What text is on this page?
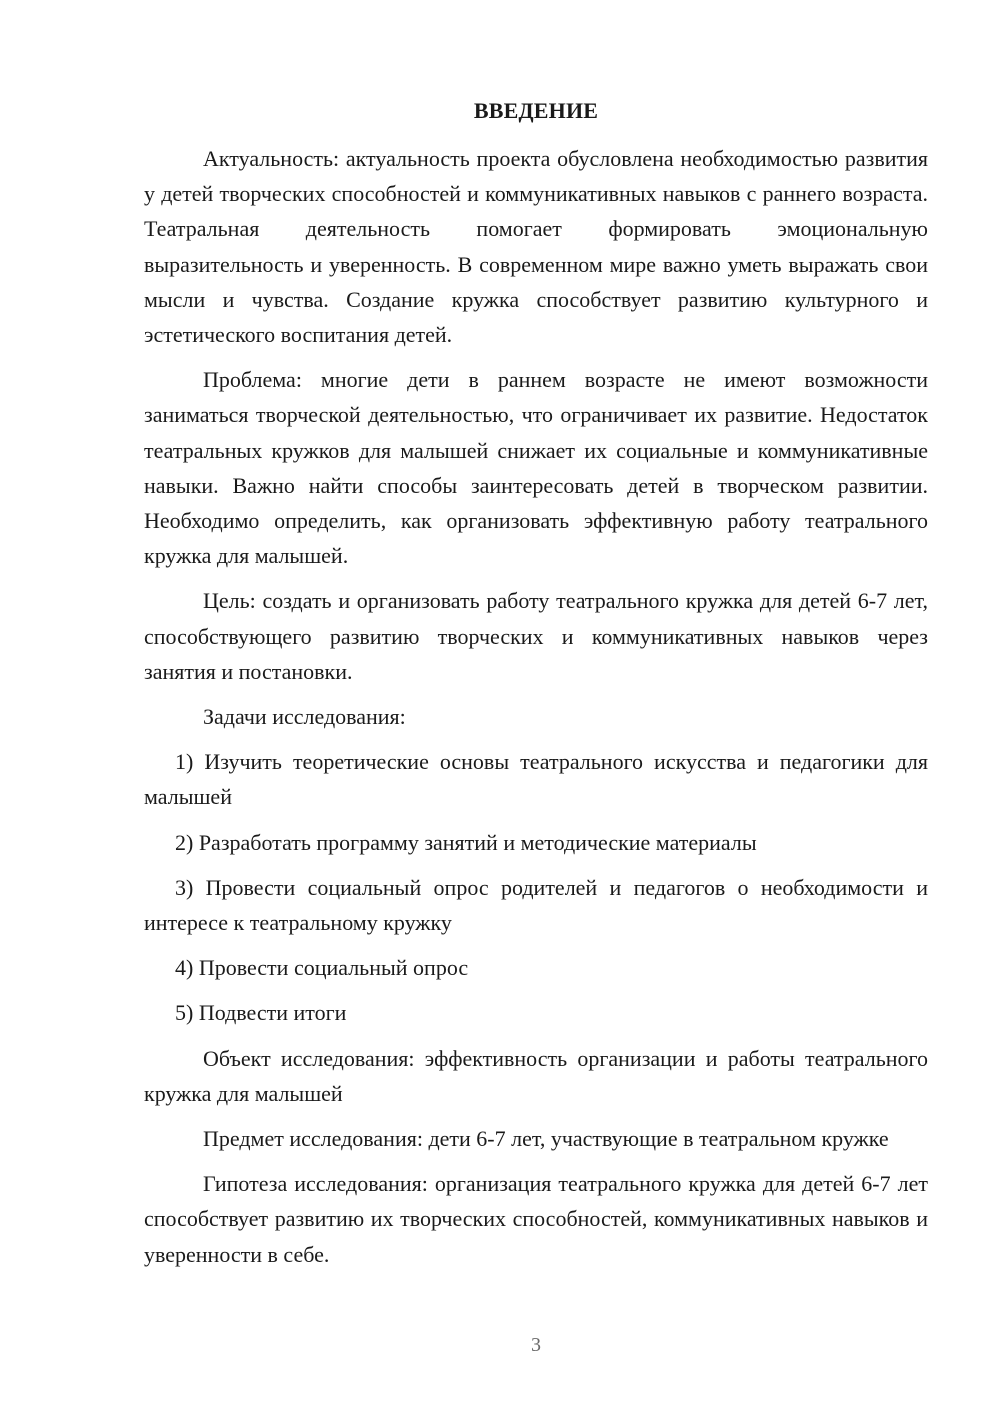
ВВЕДЕНИЕ

Актуальность: актуальность проекта обусловлена необходимостью развития у детей творческих способностей и коммуникативных навыков с раннего возраста. Театральная деятельность помогает формировать эмоциональную выразительность и уверенность. В современном мире важно уметь выражать свои мысли и чувства. Создание кружка способствует развитию культурного и эстетического воспитания детей.

Проблема: многие дети в раннем возрасте не имеют возможности заниматься творческой деятельностью, что ограничивает их развитие. Недостаток театральных кружков для малышей снижает их социальные и коммуникативные навыки. Важно найти способы заинтересовать детей в творческом развитии. Необходимо определить, как организовать эффективную работу театрального кружка для малышей.

Цель: создать и организовать работу театрального кружка для детей 6-7 лет, способствующего развитию творческих и коммуникативных навыков через занятия и постановки.

Задачи исследования:

1) Изучить теоретические основы театрального искусства и педагогики для малышей

2) Разработать программу занятий и методические материалы

3) Провести социальный опрос родителей и педагогов о необходимости и интересе к театральному кружку

4) Провести социальный опрос

5) Подвести итоги

Объект исследования: эффективность организации и работы театрального кружка для малышей

Предмет исследования: дети 6-7 лет, участвующие в театральном кружке

Гипотеза исследования: организация театрального кружка для детей 6-7 лет способствует развитию их творческих способностей, коммуникативных навыков и уверенности в себе.

3
